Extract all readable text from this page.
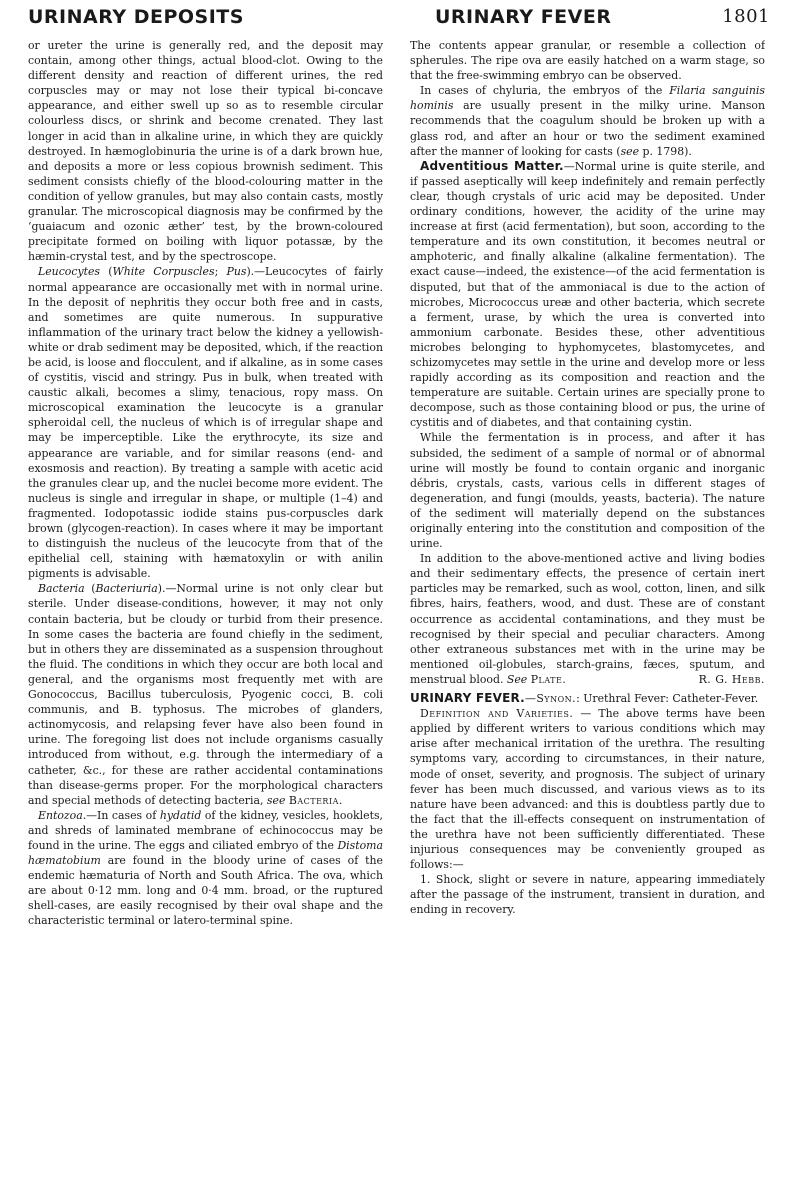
URINARY DEPOSITS	URINARY FEVER	1801

or ureter the urine is generally red, and the deposit may contain, among other things, actual blood-clot. Owing to the different density and reaction of different urines, the red corpuscles may or may not lose their typical bi-concave appearance, and either swell up so as to resemble circular colourless discs, or shrink and become crenated. They last longer in acid than in alkaline urine, in which they are quickly destroyed. In hæmoglobinuria the urine is of a dark brown hue, and deposits a more or less copious brownish sediment. This sediment consists chiefly of the blood-colouring matter in the condition of yellow granules, but may also contain casts, mostly granular. The microscopical diagnosis may be confirmed by the ‘guaiacum and ozonic æther’ test, by the brown-coloured precipitate formed on boiling with liquor potassæ, by the hæmin-crystal test, and by the spectroscope.

Leucocytes (White Corpuscles; Pus).—Leucocytes of fairly normal appearance are occasionally met with in normal urine. In the deposit of nephritis they occur both free and in casts, and sometimes are quite numerous. In suppurative inflammation of the urinary tract below the kidney a yellowish-white or drab sediment may be deposited, which, if the reaction be acid, is loose and flocculent, and if alkaline, as in some cases of cystitis, viscid and stringy. Pus in bulk, when treated with caustic alkali, becomes a slimy, tenacious, ropy mass. On microscopical examination the leucocyte is a granular spheroidal cell, the nucleus of which is of irregular shape and may be imperceptible. Like the erythrocyte, its size and appearance are variable, and for similar reasons (end- and exosmosis and reaction). By treating a sample with acetic acid the granules clear up, and the nuclei become more evident. The nucleus is single and irregular in shape, or multiple (1–4) and fragmented. Iodopotassic iodide stains pus-corpuscles dark brown (glycogen-reaction). In cases where it may be important to distinguish the nucleus of the leucocyte from that of the epithelial cell, staining with hæmatoxylin or with anilin pigments is advisable.

Bacteria (Bacteriuria).—Normal urine is not only clear but sterile. Under disease-conditions, however, it may not only contain bacteria, but be cloudy or turbid from their presence. In some cases the bacteria are found chiefly in the sediment, but in others they are disseminated as a suspension throughout the fluid. The conditions in which they occur are both local and general, and the organisms most frequently met with are Gonococcus, Bacillus tuberculosis, Pyogenic cocci, B. coli communis, and B. typhosus. The microbes of glanders, actinomycosis, and relapsing fever have also been found in urine. The foregoing list does not include organisms casually introduced from without, e.g. through the intermediary of a catheter, &c., for these are rather accidental contaminations than disease-germs proper. For the morphological characters and special methods of detecting bacteria, see Bacteria.

Entozoa.—In cases of hydatid of the kidney, vesicles, hooklets, and shreds of laminated membrane of echinococcus may be found in the urine. The eggs and ciliated embryo of the Distoma hæmatobium are found in the bloody urine of cases of the endemic hæmaturia of North and South Africa. The ova, which are about 0·12 mm. long and 0·4 mm. broad, or the ruptured shell-cases, are easily recognised by their oval shape and the characteristic terminal or latero-terminal spine.

The contents appear granular, or resemble a collection of spherules. The ripe ova are easily hatched on a warm stage, so that the free-swimming embryo can be observed.

In cases of chyluria, the embryos of the Filaria sanguinis hominis are usually present in the milky urine. Manson recommends that the coagulum should be broken up with a glass rod, and after an hour or two the sediment examined after the manner of looking for casts (see p. 1798).

Adventitious Matter.—Normal urine is quite sterile, and if passed aseptically will keep indefinitely and remain perfectly clear, though crystals of uric acid may be deposited. Under ordinary conditions, however, the acidity of the urine may increase at first (acid fermentation), but soon, according to the temperature and its own constitution, it becomes neutral or amphoteric, and finally alkaline (alkaline fermentation). The exact cause—indeed, the existence—of the acid fermentation is disputed, but that of the ammoniacal is due to the action of microbes, Micrococcus ureæ and other bacteria, which secrete a ferment, urase, by which the urea is converted into ammonium carbonate. Besides these, other adventitious microbes belonging to hyphomycetes, blastomycetes, and schizomycetes may settle in the urine and develop more or less rapidly according as its composition and reaction and the temperature are suitable. Certain urines are specially prone to decompose, such as those containing blood or pus, the urine of cystitis and of diabetes, and that containing cystin.

While the fermentation is in process, and after it has subsided, the sediment of a sample of normal or of abnormal urine will mostly be found to contain organic and inorganic débris, crystals, casts, various cells in different stages of degeneration, and fungi (moulds, yeasts, bacteria). The nature of the sediment will materially depend on the substances originally entering into the constitution and composition of the urine.

In addition to the above-mentioned active and living bodies and their sedimentary effects, the presence of certain inert particles may be remarked, such as wool, cotton, linen, and silk fibres, hairs, feathers, wood, and dust. These are of constant occurrence as accidental contaminations, and they must be recognised by their special and peculiar characters. Among other extraneous substances met with in the urine may be mentioned oil-globules, starch-grains, fæces, sputum, and menstrual blood. See Plate.	R. G. Hebb.

URINARY FEVER.—Synon.: Urethral Fever: Catheter-Fever.

Definition and Varieties. — The above terms have been applied by different writers to various conditions which may arise after mechanical irritation of the urethra. The resulting symptoms vary, according to circumstances, in their nature, mode of onset, severity, and prognosis. The subject of urinary fever has been much discussed, and various views as to its nature have been advanced: and this is doubtless partly due to the fact that the ill-effects consequent on instrumentation of the urethra have not been sufficiently differentiated. These injurious consequences may be conveniently grouped as follows:—

1. Shock, slight or severe in nature, appearing immediately after the passage of the instrument, transient in duration, and ending in recovery.
